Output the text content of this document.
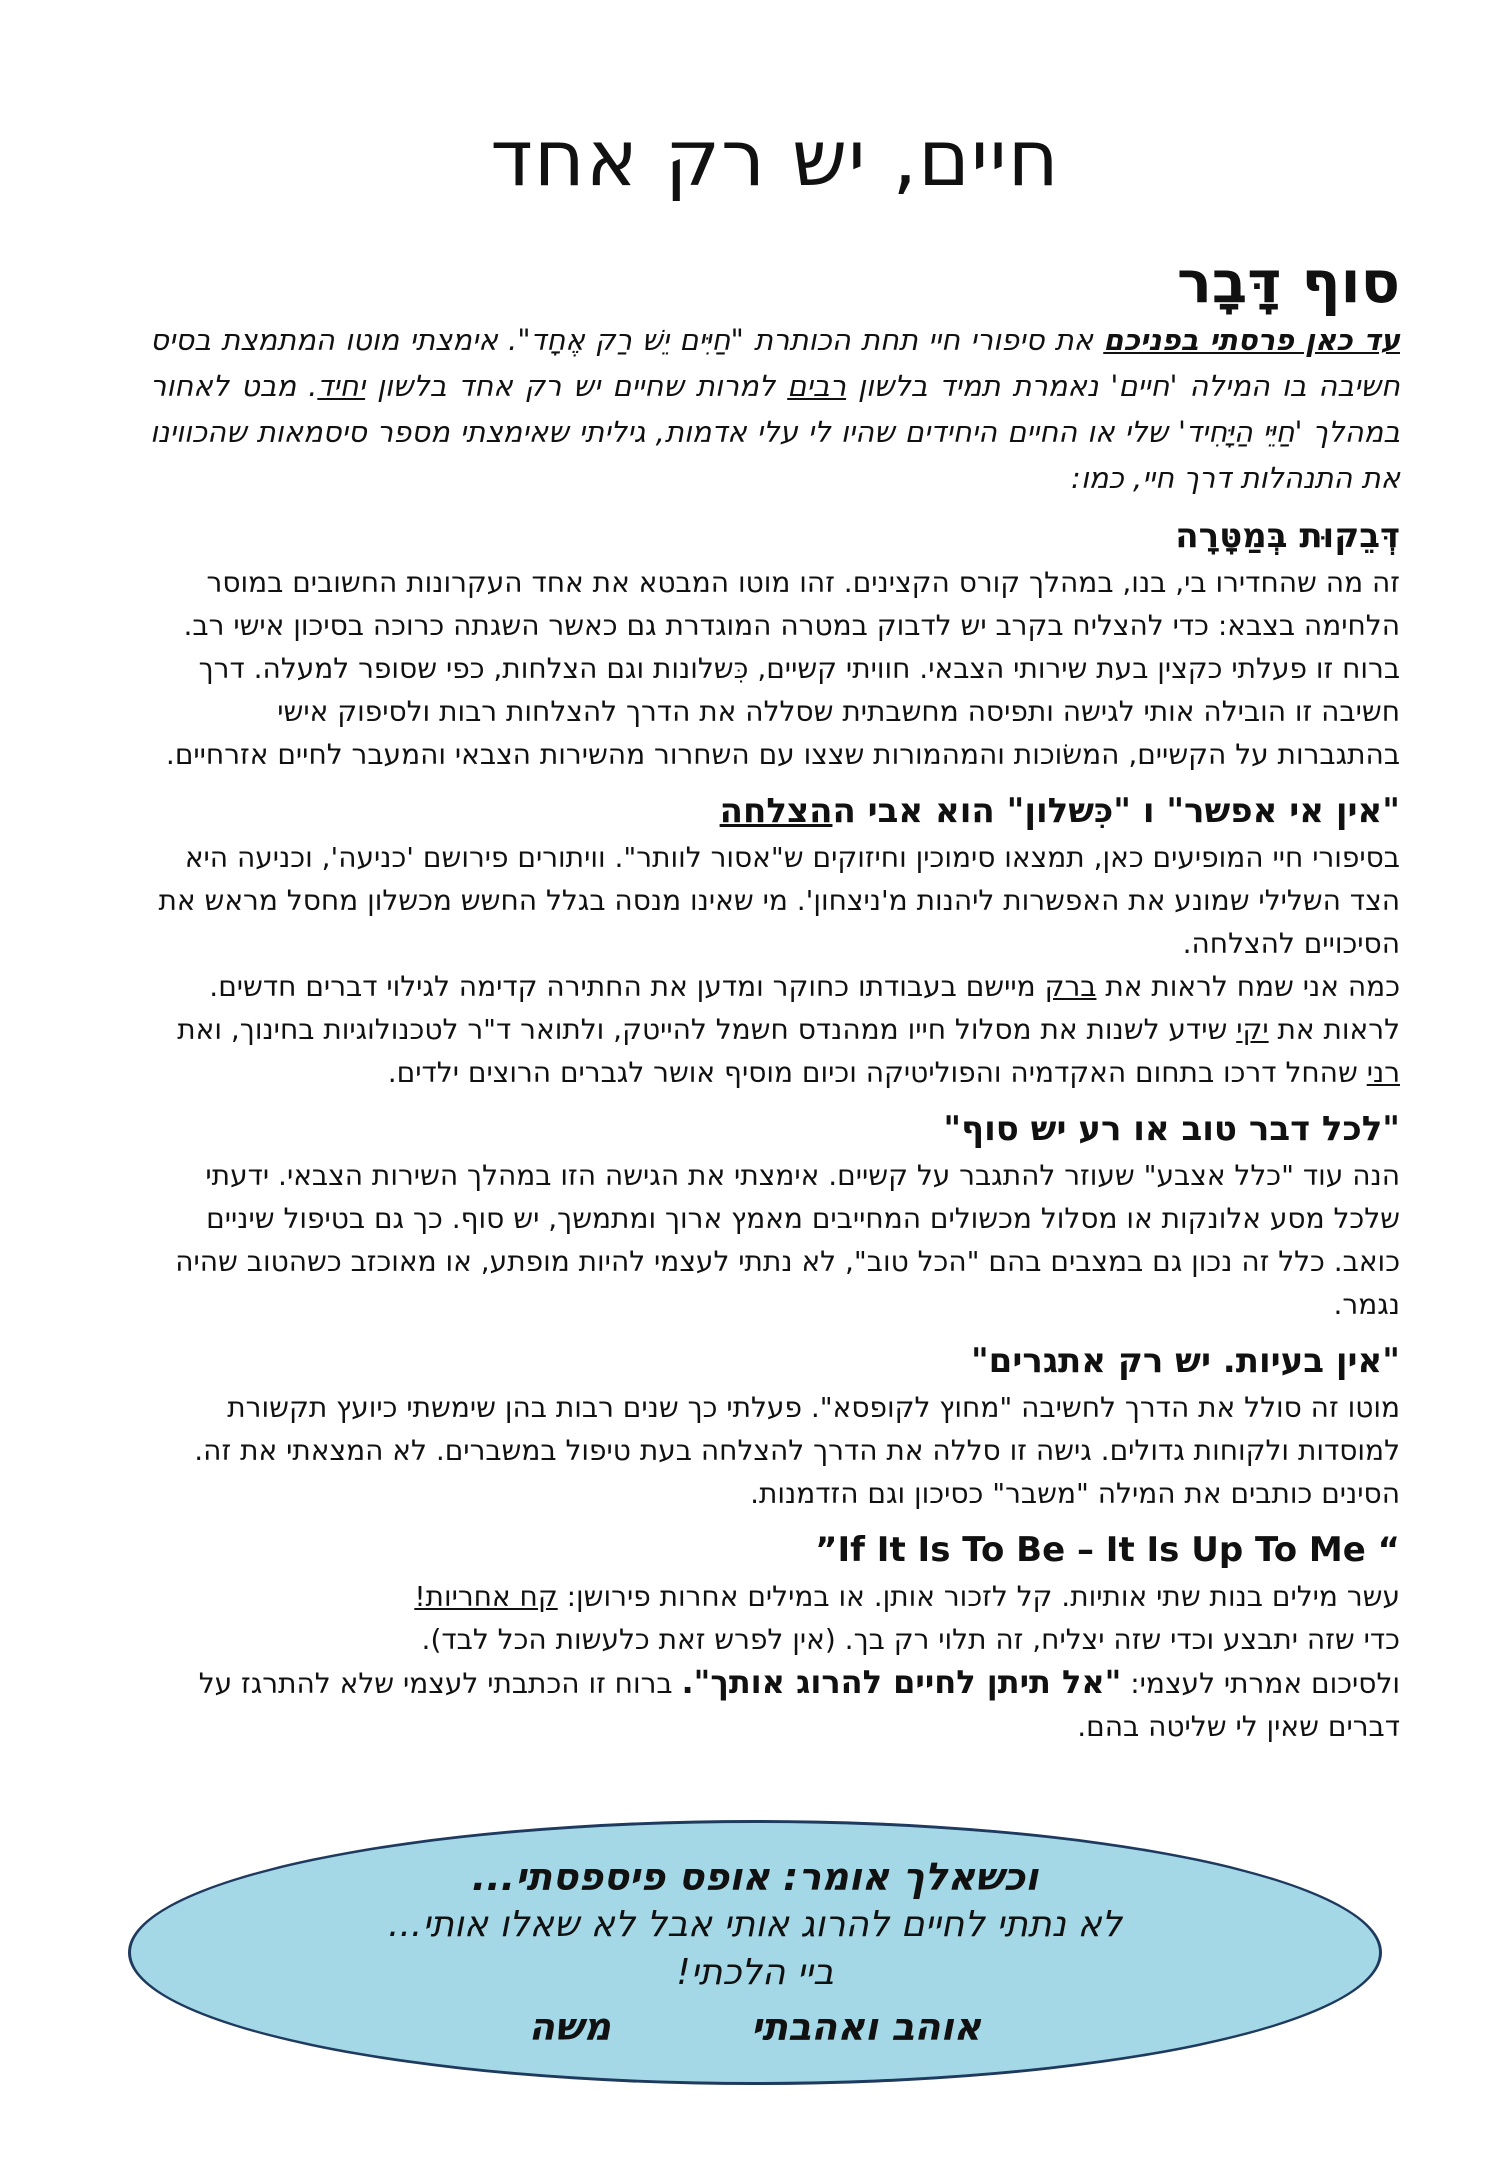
חיים, יש רק אחד
סוף דָּבָר

עד כאן פרסתי בפניכם את סיפורי חיי תחת הכותרת "חַיִּים יֵשׁ רַק אֶחָד". אימצתי מוטו המתמצת בסיס חשיבה בו המילה 'חיים' נאמרת תמיד בלשון רבים למרות שחיים יש רק אחד בלשון יחיד. מבט לאחור במהלך 'חַיֵּי הַיָּחִיד' שלי או החיים היחידים שהיו לי עלי אדמות, גיליתי שאימצתי מספר סיסמאות שהכווינו את התנהלות דרך חיי, כמו:

דְּבֵקוּת בְּמַטָּרָה

זה מה שהחדירו בי, בנו, במהלך קורס הקצינים. זהו מוטו המבטא את אחד העקרונות החשובים במוסר הלחימה בצבא: כדי להצליח בקרב יש לדבוק במטרה המוגדרת גם כאשר השגתה כרוכה בסיכון אישי רב. ברוח זו פעלתי כקצין בעת שירותי הצבאי. חוויתי קשיים, כִּשלונות וגם הצלחות, כפי שסופר למעלה. דרך חשיבה זו הובילה אותי לגישה ותפיסה מחשבתית שסללה את הדרך להצלחות רבות ולסיפוק אישי בהתגברות על הקשיים, המשׂוכות והמהמורות שצצו עם השחרור מהשירות הצבאי והמעבר לחיים אזרחיים.

"אין אי אפשר" ו "כִּשלון" הוא אבי ההצלחה

בסיפורי חיי המופיעים כאן, תמצאו סימוכין וחיזוקים ש"אסור לוותר". וויתורים פירושם 'כניעה', וכניעה היא הצד השלילי שמונע את האפשרות ליהנות מ'ניצחון'. מי שאינו מנסה בגלל החשש מכשלון מחסל מראש את הסיכויים להצלחה.

כמה אני שמח לראות את ברק מיישם בעבודתו כחוקר ומדען את החתירה קדימה לגילוי דברים חדשים. לראות את יקי שידע לשנות את מסלול חייו ממהנדס חשמל להייטק, ולתואר ד"ר לטכנולוגיות בחינוך, ואת רני שהחל דרכו בתחום האקדמיה והפוליטיקה וכיום מוסיף אושר לגברים הרוצים ילדים.

"לכל דבר טוב או רע יש סוף"

הנה עוד "כלל אצבע" שעוזר להתגבר על קשיים. אימצתי את הגישה הזו במהלך השירות הצבאי. ידעתי שלכל מסע אלונקות או מסלול מכשולים המחייבים מאמץ ארוך ומתמשך, יש סוף. כך גם בטיפול שיניים כואב. כלל זה נכון גם במצבים בהם "הכל טוב", לא נתתי לעצמי להיות מופתע, או מאוכזב כשהטוב שהיה נגמר.

"אין בעיות. יש רק אתגרים"

מוטו זה סולל את הדרך לחשיבה "מחוץ לקופסא". פעלתי כך שנים רבות בהן שימשתי כיועץ תקשורת למוסדות ולקוחות גדולים. גישה זו סללה את הדרך להצלחה בעת טיפול במשברים. לא המצאתי את זה. הסינים כותבים את המילה "משבר" כסיכון וגם הזדמנות.

“ If It Is To Be – It Is Up To Me”

עשר מילים בנות שתי אותיות. קל לזכור אותן. או במילים אחרות פירושן: קח אחריות!

כדי שזה יתבצע וכדי שזה יצליח, זה תלוי רק בך. (אין לפרש זאת כלעשות הכל לבד).

ולסיכום אמרתי לעצמי: "אל תיתן לחיים להרוג אותך". ברוח זו הכתבתי לעצמי שלא להתרגז על דברים שאין לי שליטה בהם.

וכשאלך אומר: אופס פיספסתי...
לא נתתי לחיים להרוג אותי אבל לא שאלו אותי...
ביי הלכתי!
אוהב ואהבתימשה
